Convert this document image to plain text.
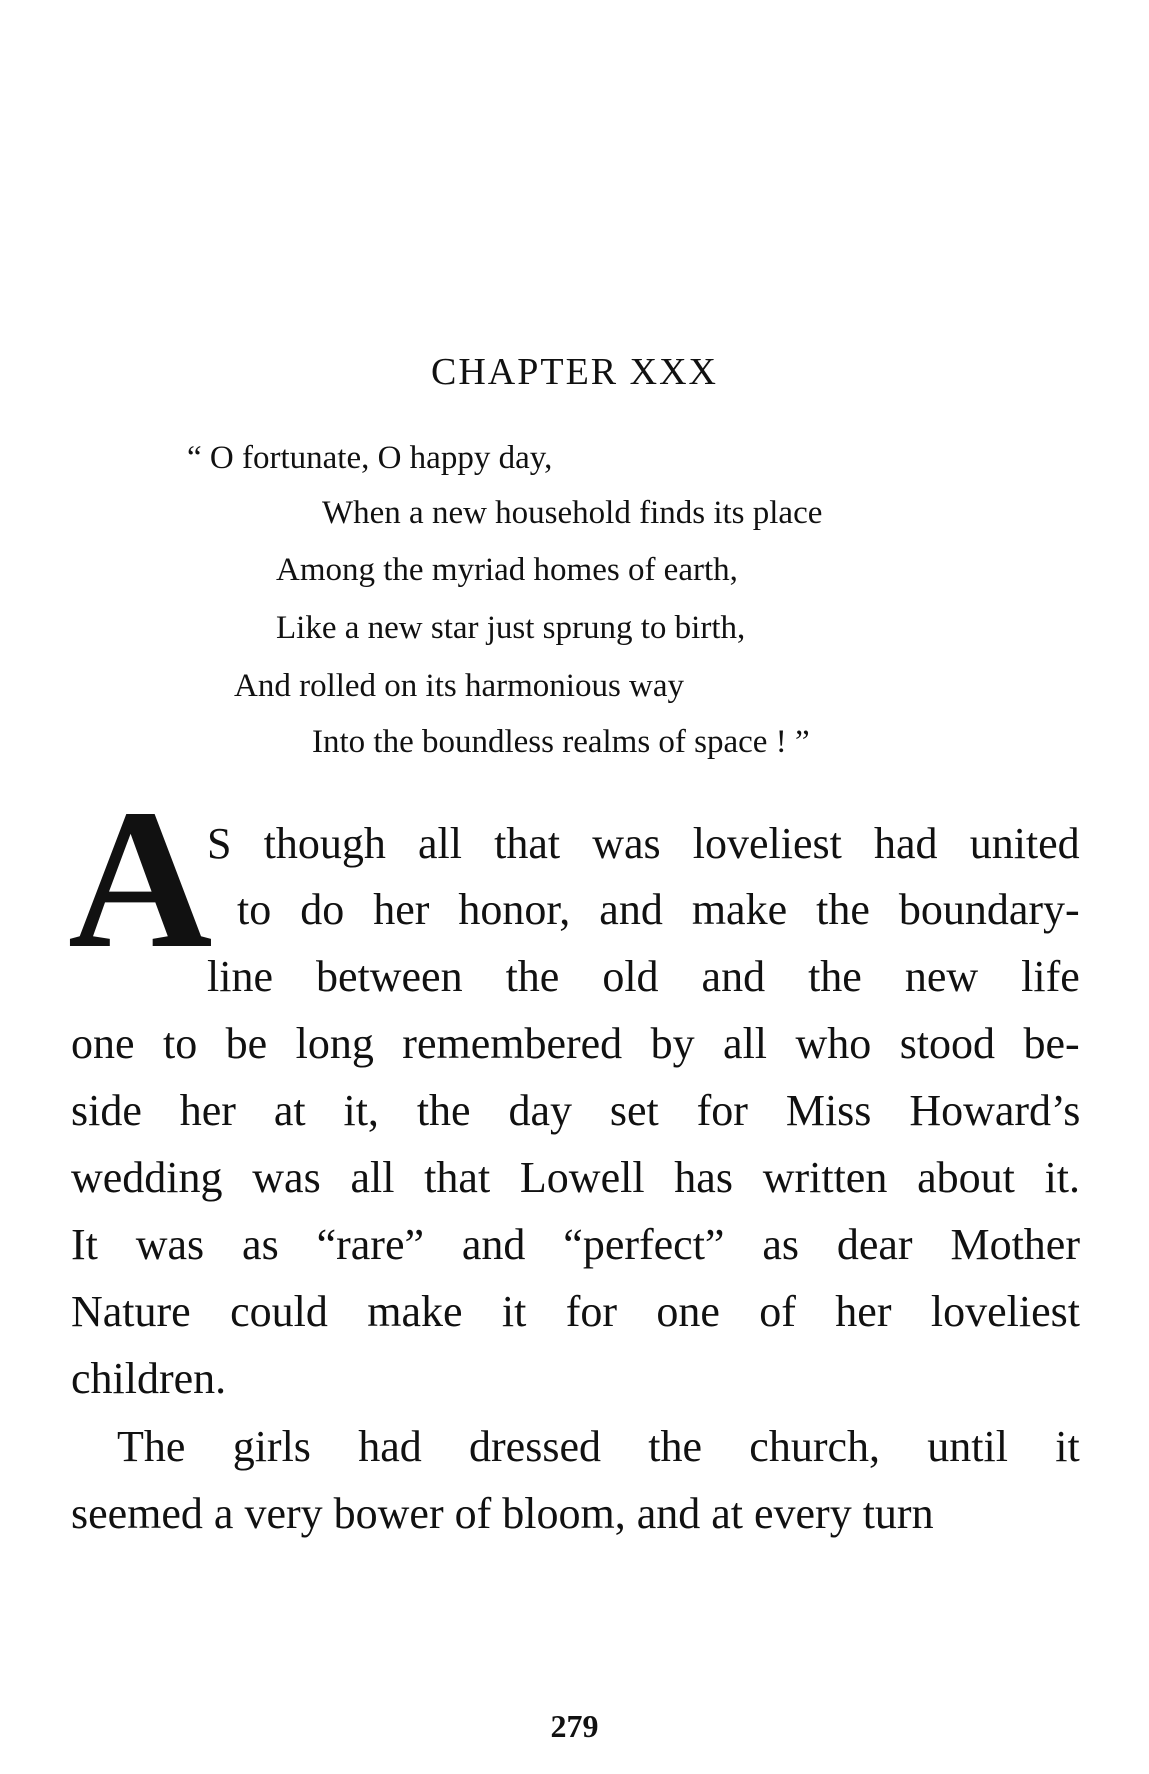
CHAPTER XXX
“ O fortunate, O happy day,
When a new household finds its place
Among the myriad homes of earth,
Like a new star just sprung to birth,
And rolled on its harmonious way
Into the boundless realms of space ! ”
A
S though all that was loveliest had united
to do her honor, and make the boundary-
line between the old and the new life
one to be long remembered by all who stood be-
side her at it, the day set for Miss Howard’s
wedding was all that Lowell has written about it.
It was as “rare” and “perfect” as dear Mother
Nature could make it for one of her loveliest
children.
The girls had dressed the church, until it
seemed a very bower of bloom, and at every turn
279
